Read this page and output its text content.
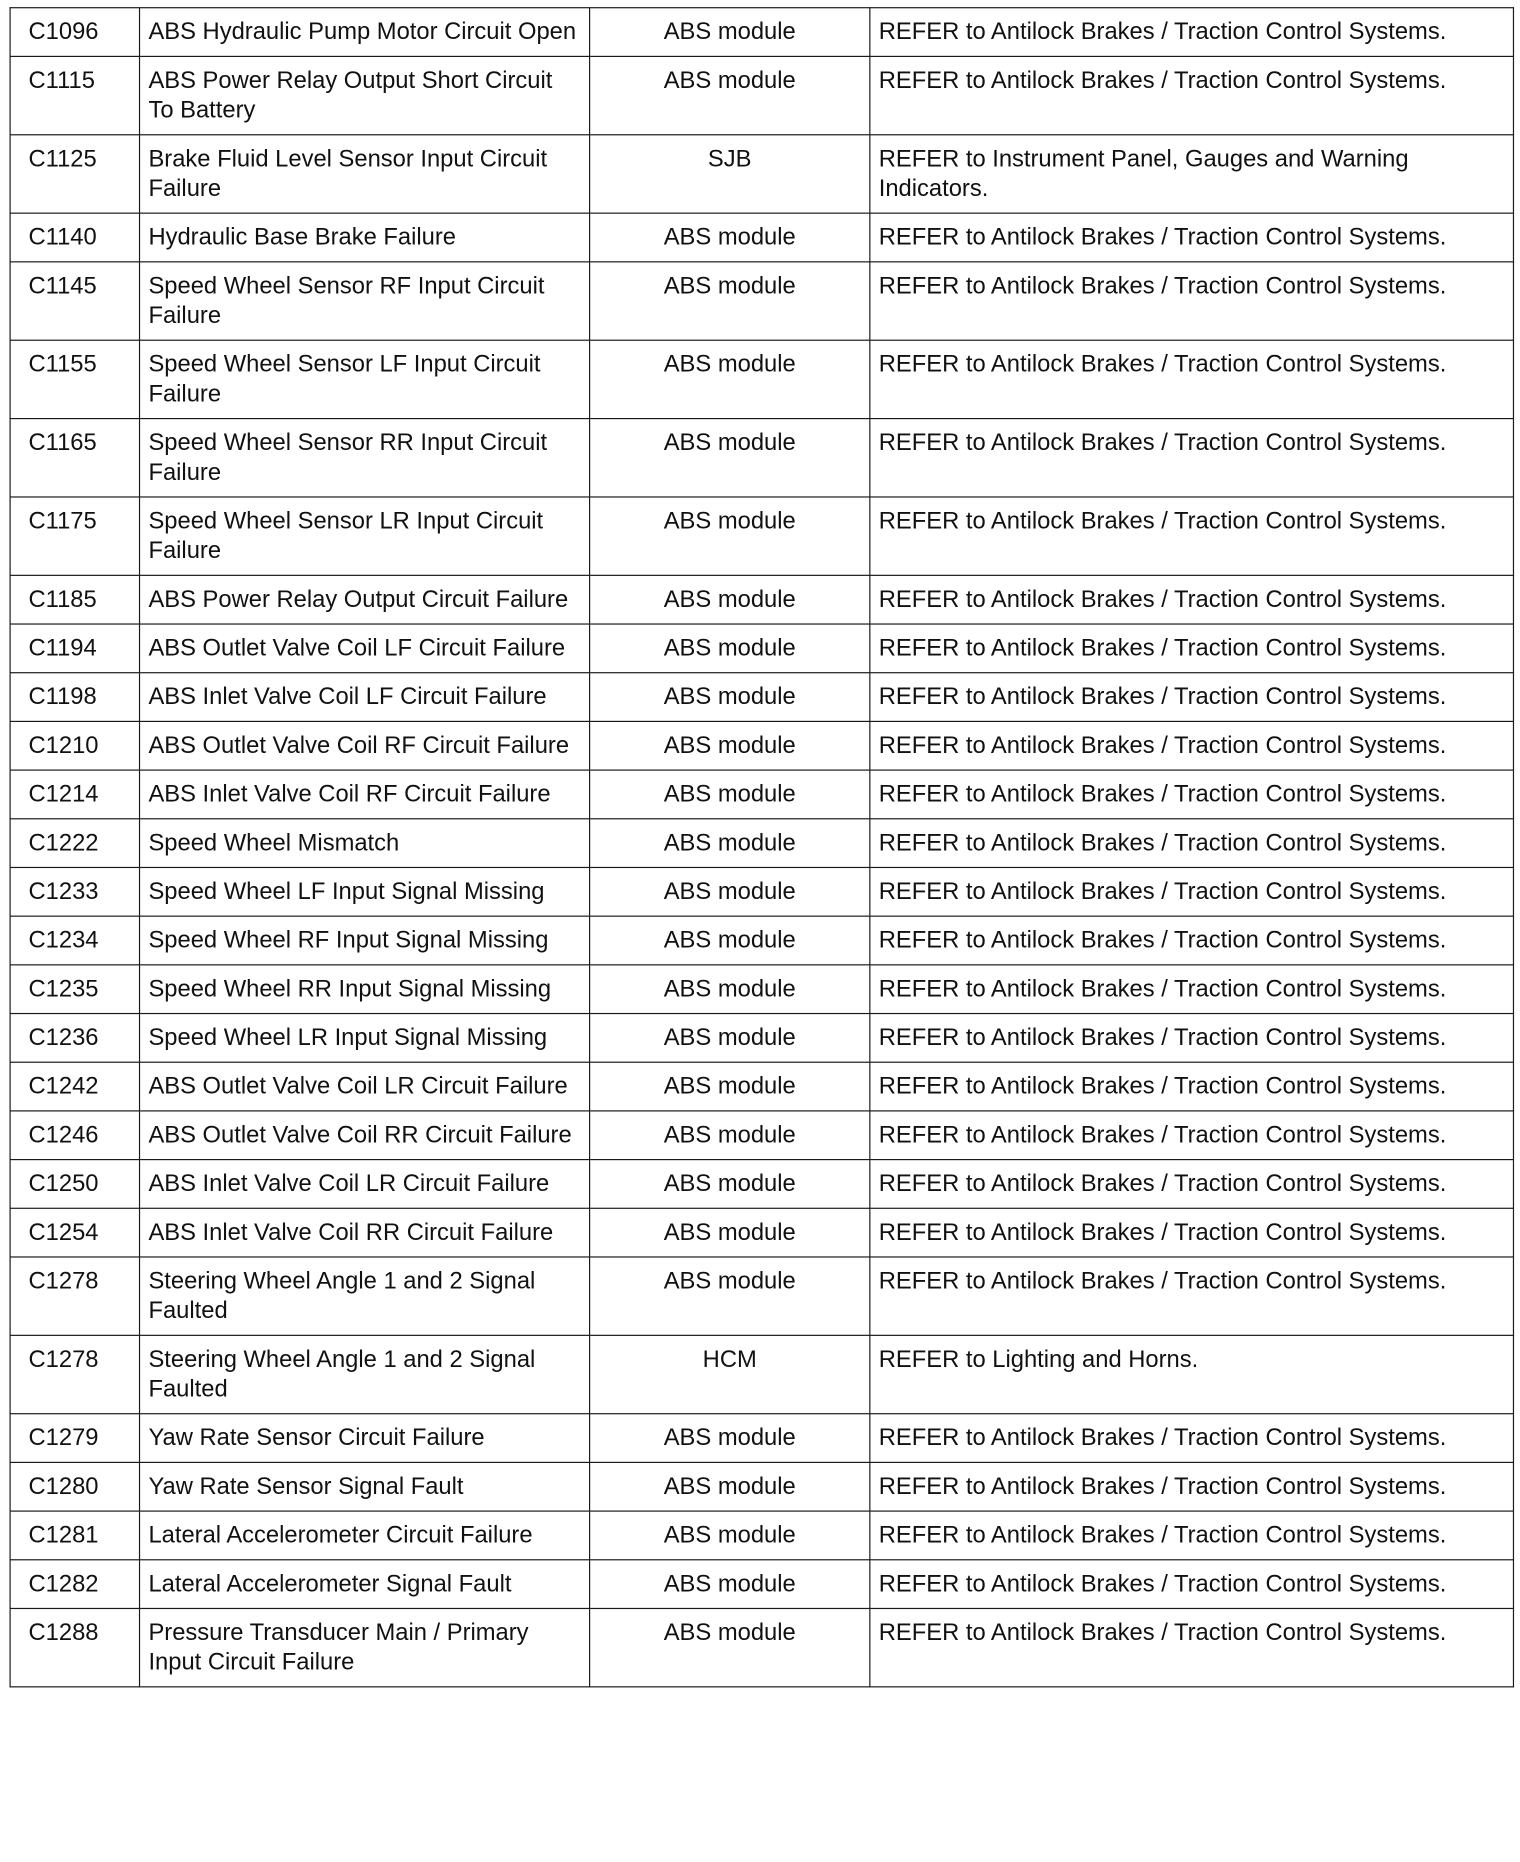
C1096	ABS Hydraulic Pump Motor Circuit Open	ABS module	REFER to Antilock Brakes / Traction Control Systems.
C1115	ABS Power Relay Output Short Circuit To Battery	ABS module	REFER to Antilock Brakes / Traction Control Systems.
C1125	Brake Fluid Level Sensor Input Circuit Failure	SJB	REFER to Instrument Panel, Gauges and Warning Indicators.
C1140	Hydraulic Base Brake Failure	ABS module	REFER to Antilock Brakes / Traction Control Systems.
C1145	Speed Wheel Sensor RF Input Circuit Failure	ABS module	REFER to Antilock Brakes / Traction Control Systems.
C1155	Speed Wheel Sensor LF Input Circuit Failure	ABS module	REFER to Antilock Brakes / Traction Control Systems.
C1165	Speed Wheel Sensor RR Input Circuit Failure	ABS module	REFER to Antilock Brakes / Traction Control Systems.
C1175	Speed Wheel Sensor LR Input Circuit Failure	ABS module	REFER to Antilock Brakes / Traction Control Systems.
C1185	ABS Power Relay Output Circuit Failure	ABS module	REFER to Antilock Brakes / Traction Control Systems.
C1194	ABS Outlet Valve Coil LF Circuit Failure	ABS module	REFER to Antilock Brakes / Traction Control Systems.
C1198	ABS Inlet Valve Coil LF Circuit Failure	ABS module	REFER to Antilock Brakes / Traction Control Systems.
C1210	ABS Outlet Valve Coil RF Circuit Failure	ABS module	REFER to Antilock Brakes / Traction Control Systems.
C1214	ABS Inlet Valve Coil RF Circuit Failure	ABS module	REFER to Antilock Brakes / Traction Control Systems.
C1222	Speed Wheel Mismatch	ABS module	REFER to Antilock Brakes / Traction Control Systems.
C1233	Speed Wheel LF Input Signal Missing	ABS module	REFER to Antilock Brakes / Traction Control Systems.
C1234	Speed Wheel RF Input Signal Missing	ABS module	REFER to Antilock Brakes / Traction Control Systems.
C1235	Speed Wheel RR Input Signal Missing	ABS module	REFER to Antilock Brakes / Traction Control Systems.
C1236	Speed Wheel LR Input Signal Missing	ABS module	REFER to Antilock Brakes / Traction Control Systems.
C1242	ABS Outlet Valve Coil LR Circuit Failure	ABS module	REFER to Antilock Brakes / Traction Control Systems.
C1246	ABS Outlet Valve Coil RR Circuit Failure	ABS module	REFER to Antilock Brakes / Traction Control Systems.
C1250	ABS Inlet Valve Coil LR Circuit Failure	ABS module	REFER to Antilock Brakes / Traction Control Systems.
C1254	ABS Inlet Valve Coil RR Circuit Failure	ABS module	REFER to Antilock Brakes / Traction Control Systems.
C1278	Steering Wheel Angle 1 and 2 Signal Faulted	ABS module	REFER to Antilock Brakes / Traction Control Systems.
C1278	Steering Wheel Angle 1 and 2 Signal Faulted	HCM	REFER to Lighting and Horns.
C1279	Yaw Rate Sensor Circuit Failure	ABS module	REFER to Antilock Brakes / Traction Control Systems.
C1280	Yaw Rate Sensor Signal Fault	ABS module	REFER to Antilock Brakes / Traction Control Systems.
C1281	Lateral Accelerometer Circuit Failure	ABS module	REFER to Antilock Brakes / Traction Control Systems.
C1282	Lateral Accelerometer Signal Fault	ABS module	REFER to Antilock Brakes / Traction Control Systems.
C1288	Pressure Transducer Main / Primary Input Circuit Failure	ABS module	REFER to Antilock Brakes / Traction Control Systems.
